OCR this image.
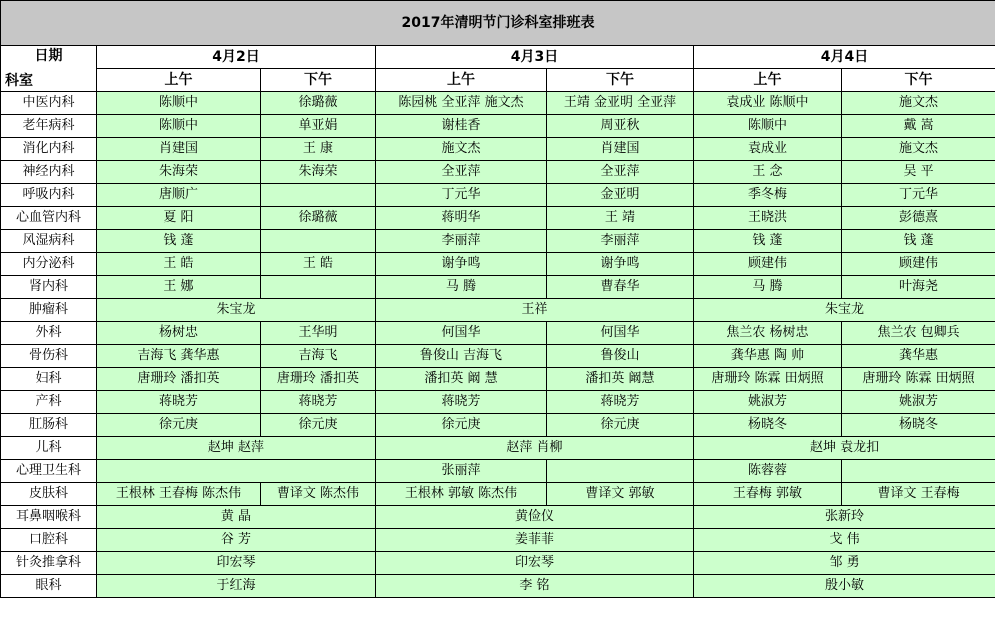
2017年清明节门诊科室排班表						

日期
科室	4月2日		4月3日		4月4日	
	上午	下午	上午	下午	上午	下午
中医内科	陈顺中	徐璐薇	陈园桃 全亚萍 施文杰	王靖 金亚明 全亚萍	袁成业 陈顺中	施文杰
老年病科	陈顺中	单亚娟	谢桂香	周亚秋	陈顺中	戴 嵩
消化内科	肖建国	王 康	施文杰	肖建国	袁成业	施文杰
神经内科	朱海荣	朱海荣	全亚萍	全亚萍	王 念	吴 平
呼吸内科	唐顺广		丁元华	金亚明	季冬梅	丁元华
心血管内科	夏 阳	徐璐薇	蒋明华	王 靖	王晓洪	彭德熹
风湿病科	钱 蓬		李丽萍	李丽萍	钱 蓬	钱 蓬
内分泌科	王 皓	王 皓	谢争鸣	谢争鸣	顾建伟	顾建伟
肾内科	王 娜		马 腾	曹春华	马 腾	叶海尧
肿瘤科	朱宝龙		王祥		朱宝龙	
外科	杨树忠	王华明	何国华	何国华	焦兰农 杨树忠	焦兰农 包卿兵
骨伤科	吉海飞 龚华惠	吉海飞	鲁俊山 吉海飞	鲁俊山	龚华惠 陶 帅	龚华惠
妇科	唐珊玲 潘扣英	唐珊玲 潘扣英	潘扣英 阚 慧	潘扣英 阚慧	唐珊玲 陈霖 田炳照	唐珊玲 陈霖 田炳照
产科	蒋晓芳	蒋晓芳	蒋晓芳	蒋晓芳	姚淑芳	姚淑芳
肛肠科	徐元庚	徐元庚	徐元庚	徐元庚	杨晓冬	杨晓冬
儿科	赵坤 赵萍		赵萍 肖柳		赵坤 袁龙扣	
心理卫生科			张丽萍		陈蓉蓉	
皮肤科	王根林 王春梅 陈杰伟	曹译文 陈杰伟	王根林 郭敏 陈杰伟	曹译文 郭敏	王春梅 郭敏	曹译文 王春梅
耳鼻咽喉科	黄 晶		黄俭仪		张新玲	
口腔科	谷 芳		姜菲菲		戈 伟	
针灸推拿科	印宏琴		印宏琴		邹 勇	
眼科	于红海		李 铭		殷小敏	
